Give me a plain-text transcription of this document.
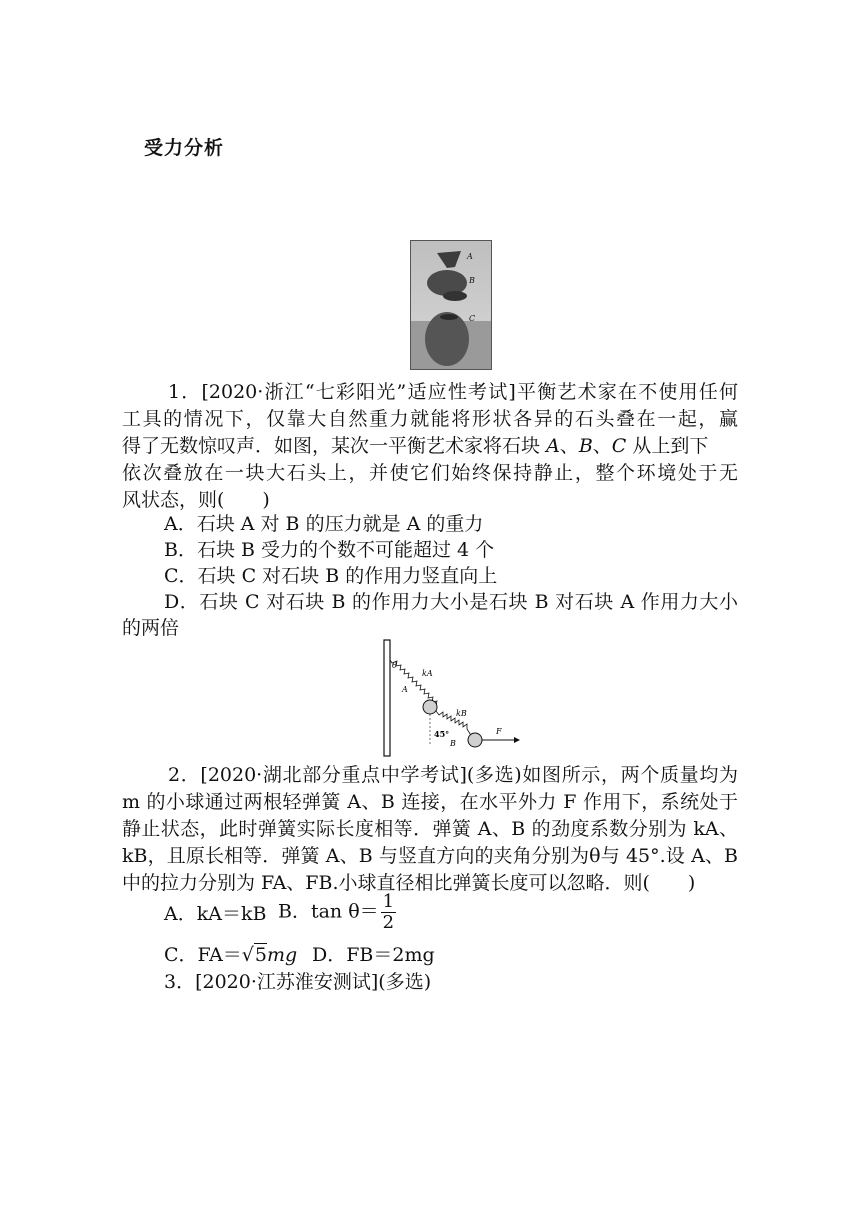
受力分析
A
B
C
1．[2020·浙江“七彩阳光”适应性考试]平衡艺术家在不使用任何
工具的情况下，仅靠大自然重力就能将形状各异的石头叠在一起，赢
得了无数惊叹声．如图，某次一平衡艺术家将石块 A、B、C 从上到下
依次叠放在一块大石头上，并使它们始终保持静止，整个环境处于无
风状态，则(　　)
A．石块 A 对 B 的压力就是 A 的重力
B．石块 B 受力的个数不可能超过 4 个
C．石块 C 对石块 B 的作用力竖直向上
D．石块 C 对石块 B 的作用力大小是石块 B 对石块 A 作用力大小
的两倍
θ
kA
A
kB
45°
B
F
2．[2020·湖北部分重点中学考试](多选)如图所示，两个质量均为
m 的小球通过两根轻弹簧 A、B 连接，在水平外力 F 作用下，系统处于
静止状态，此时弹簧实际长度相等．弹簧 A、B 的劲度系数分别为 kA、
kB，且原长相等．弹簧 A、B 与竖直方向的夹角分别为θ与 45°.设 A、B
中的拉力分别为 FA、FB.小球直径相比弹簧长度可以忽略．则(　　)
A．kA＝kB B．$\tan \theta= \frac{1}{2}$
C．FA＝√5mg D．FB＝2mg
3．[2020·江苏淮安测试](多选)
